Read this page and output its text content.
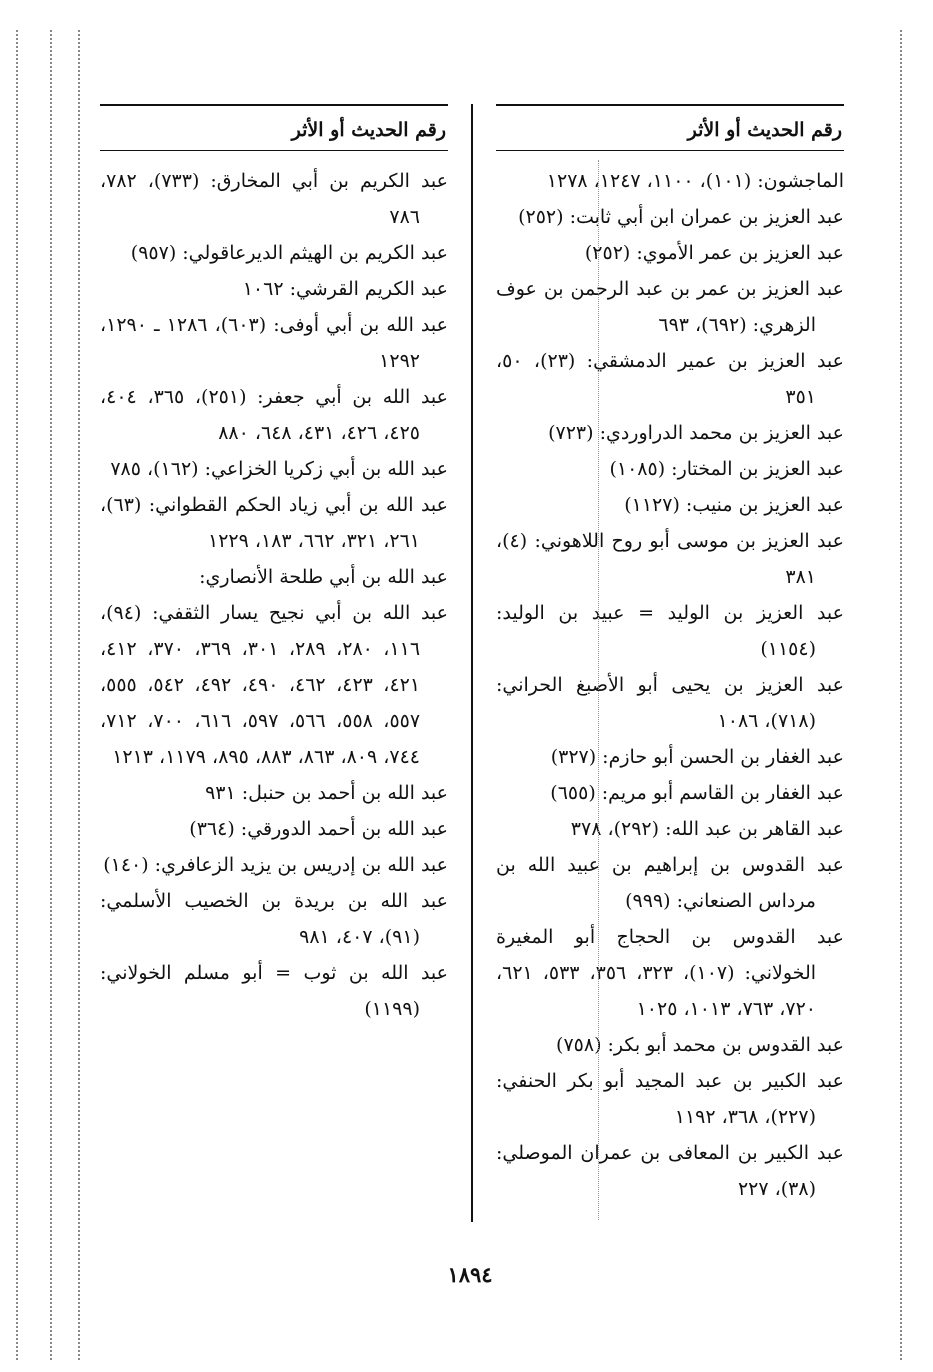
رقم الحديث أو الأثر

الماجشون: (١٠١)، ١١٠٠، ١٢٤٧، ١٢٧٨

عبد العزيز بن عمران ابن أبي ثابت: (٢٥٢)

عبد العزيز بن عمر الأموي: (٢٥٢)

عبد العزيز بن عمر بن عبد الرحمن بن عوف الزهري: (٦٩٢)، ٦٩٣

عبد العزيز بن عمير الدمشقي: (٢٣)، ٥٠، ٣٥١

عبد العزيز بن محمد الدراوردي: (٧٢٣)

عبد العزيز بن المختار: (١٠٨٥)

عبد العزيز بن منيب: (١١٢٧)

عبد العزيز بن موسى أبو روح اللاهوني: (٤)، ٣٨١

عبد العزيز بن الوليد = عبيد بن الوليد: (١١٥٤)

عبد العزيز بن يحيى أبو الأصبغ الحراني: (٧١٨)، ١٠٨٦

عبد الغفار بن الحسن أبو حازم: (٣٢٧)

عبد الغفار بن القاسم أبو مريم: (٦٥٥)

عبد القاهر بن عبد الله: (٢٩٢)، ٣٧٨

عبد القدوس بن إبراهيم بن عبيد الله بن مرداس الصنعاني: (٩٩٩)

عبد القدوس بن الحجاج أبو المغيرة الخولاني: (١٠٧)، ٣٢٣، ٣٥٦، ٥٣٣، ٦٢١، ٧٢٠، ٧٦٣، ١٠١٣، ١٠٢٥

عبد القدوس بن محمد أبو بكر: (٧٥٨)

عبد الكبير بن عبد المجيد أبو بكر الحنفي: (٢٢٧)، ٣٦٨، ١١٩٢

عبد الكبير بن المعافى بن عمران الموصلي: (٣٨)، ٢٢٧

رقم الحديث أو الأثر

عبد الكريم بن أبي المخارق: (٧٣٣)، ٧٨٢، ٧٨٦

عبد الكريم بن الهيثم الديرعاقولي: (٩٥٧)

عبد الكريم القرشي: ١٠٦٢

عبد الله بن أبي أوفى: (٦٠٣)، ١٢٨٦ ـ ١٢٩٠، ١٢٩٢

عبد الله بن أبي جعفر: (٢٥١)، ٣٦٥، ٤٠٤، ٤٢٥، ٤٢٦، ٤٣١، ٦٤٨، ٨٨٠

عبد الله بن أبي زكريا الخزاعي: (١٦٢)، ٧٨٥

عبد الله بن أبي زياد الحكم القطواني: (٦٣)، ٢٦١، ٣٢١، ٦٦٢، ١٨٣، ١٢٢٩

عبد الله بن أبي طلحة الأنصاري:

عبد الله بن أبي نجيح يسار الثقفي: (٩٤)، ١١٦، ٢٨٠، ٢٨٩، ٣٠١، ٣٦٩، ٣٧٠، ٤١٢، ٤٢١، ٤٢٣، ٤٦٢، ٤٩٠، ٤٩٢، ٥٤٢، ٥٥٥، ٥٥٧، ٥٥٨، ٥٦٦، ٥٩٧، ٦١٦، ٧٠٠، ٧١٢، ٧٤٤، ٨٠٩، ٨٦٣، ٨٨٣، ٨٩٥، ١١٧٩، ١٢١٣

عبد الله بن أحمد بن حنبل: ٩٣١

عبد الله بن أحمد الدورقي: (٣٦٤)

عبد الله بن إدريس بن يزيد الزعافري: (١٤٠)

عبد الله بن بريدة بن الخصيب الأسلمي: (٩١)، ٤٠٧، ٩٨١

عبد الله بن ثوب = أبو مسلم الخولاني: (١١٩٩)

١٨٩٤
